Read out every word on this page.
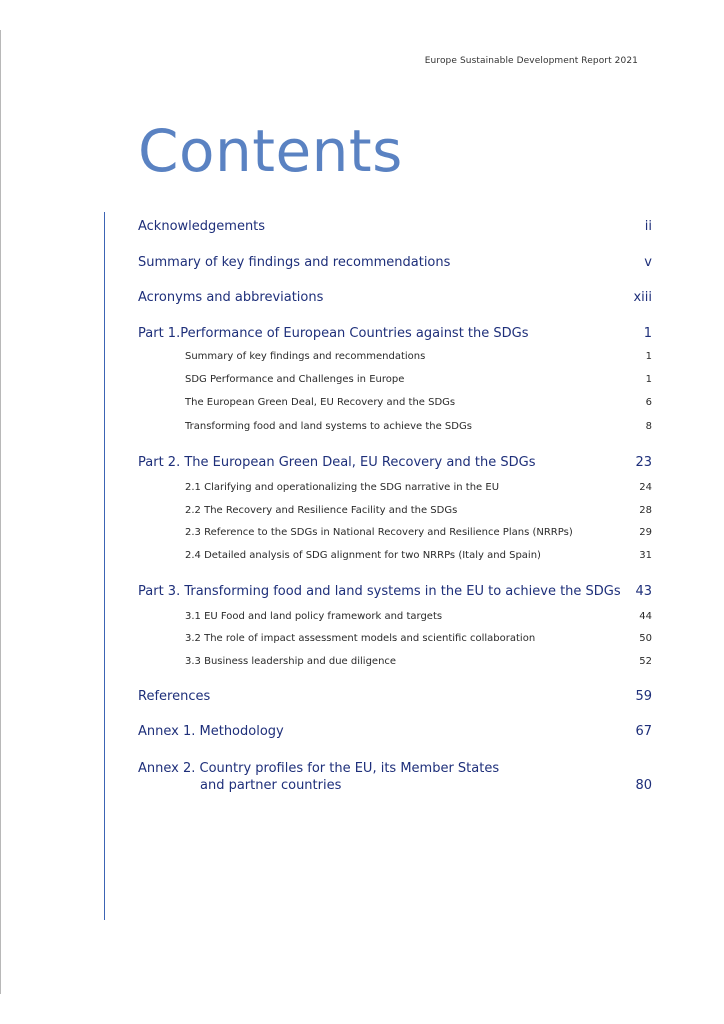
Europe Sustainable Development Report 2021
Contents
Acknowledgements	ii
Summary of key findings and recommendations	v
Acronyms and abbreviations	xiii
Part 1.Performance of European Countries against the SDGs	1
Summary of key findings and recommendations	1
SDG Performance and Challenges in Europe	1
The European Green Deal, EU Recovery and the SDGs	6
Transforming food and land systems to achieve the SDGs	8
Part 2. The European Green Deal, EU Recovery and the SDGs	23
2.1 Clarifying and operationalizing the SDG narrative in the EU	24
2.2 The Recovery and Resilience Facility and the SDGs	28
2.3 Reference to the SDGs in National Recovery and Resilience Plans (NRRPs)	29
2.4 Detailed analysis of SDG alignment for two NRRPs (Italy and Spain)	31
Part 3. Transforming food and land systems in the EU to achieve the SDGs 43
3.1 EU Food and land policy framework and targets	44
3.2 The role of impact assessment models and scientific collaboration	50
3.3 Business leadership and due diligence	52
References	59
Annex 1. Methodology	67
Annex 2. Country profiles for the EU, its Member States
and partner countries	80
